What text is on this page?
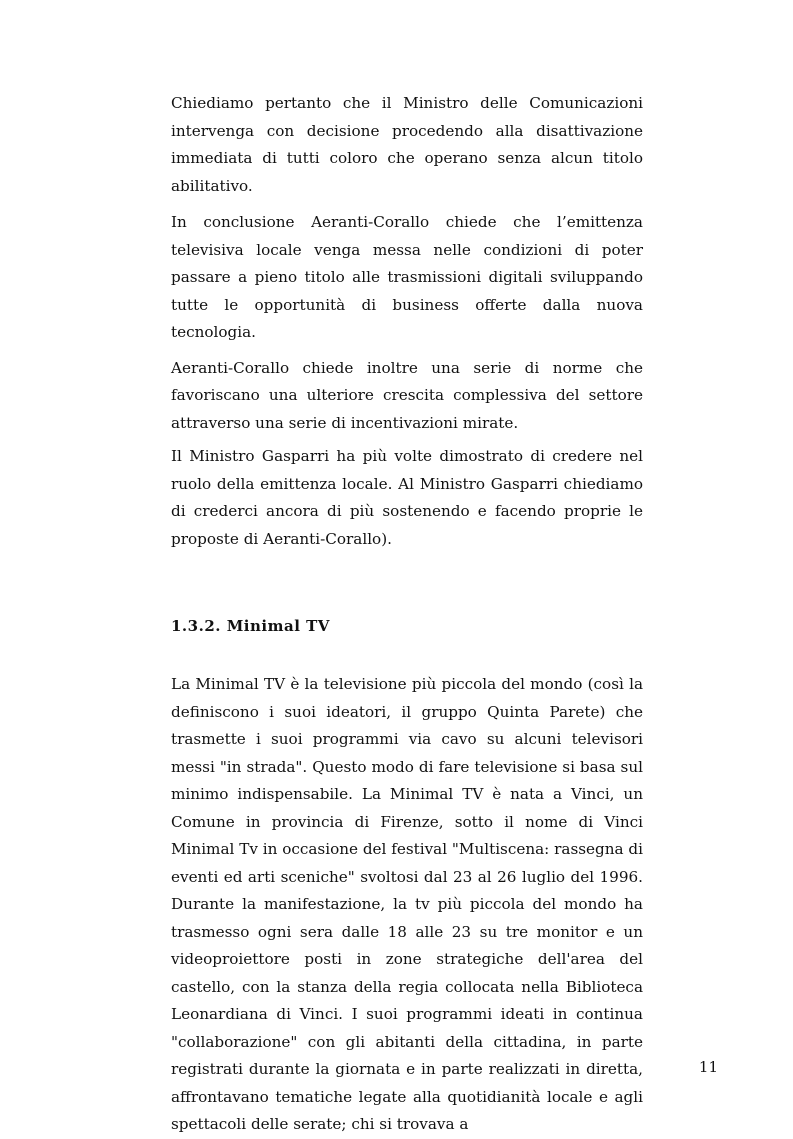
Chiediamo pertanto che il Ministro delle Comunicazioni intervenga con decisione procedendo alla disattivazione immediata di tutti coloro che operano senza alcun titolo abilitativo.

In conclusione Aeranti-Corallo chiede che l’emittenza televisiva locale venga messa nelle condizioni di poter passare a pieno titolo alle trasmissioni digitali sviluppando tutte le opportunità di business offerte dalla nuova tecnologia.

Aeranti-Corallo chiede inoltre una serie di norme che favoriscano una ulteriore crescita complessiva del settore attraverso una serie di incentivazioni mirate.

Il Ministro Gasparri ha più volte dimostrato di credere nel ruolo della emittenza locale. Al Ministro Gasparri chiediamo di crederci ancora di più sostenendo e facendo proprie le proposte di Aeranti-Corallo).

1.3.2. Minimal TV

La Minimal TV è la televisione più piccola del mondo (così la definiscono i suoi ideatori, il gruppo Quinta Parete) che trasmette i suoi programmi via cavo su alcuni televisori messi "in strada". Questo modo di fare televisione si basa sul minimo indispensabile. La Minimal TV è nata a Vinci, un Comune in provincia di Firenze, sotto il nome di Vinci Minimal Tv in occasione del festival "Multiscena: rassegna di eventi ed arti sceniche" svoltosi dal 23 al 26 luglio del 1996. Durante la manifestazione, la tv più piccola del mondo ha trasmesso ogni sera dalle 18 alle 23 su tre monitor e un videoproiettore posti in zone strategiche dell'area del castello, con la stanza della regia collocata nella Biblioteca Leonardiana di Vinci. I suoi programmi ideati in continua "collaborazione" con gli abitanti della cittadina, in parte registrati durante la giornata e in parte realizzati in diretta, affrontavano tematiche legate alla quotidianità locale e agli spettacoli delle serate; chi si trovava a

11
